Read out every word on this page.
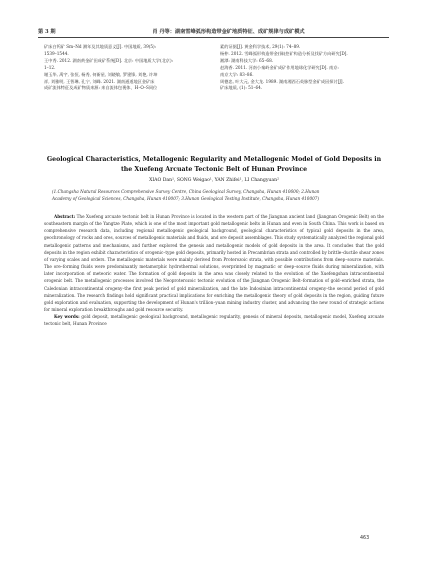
第 3 期	肖 丹等：湖南雪峰弧形构造带金矿地质特征、成矿规律与成矿模式

矿床白钨矿 Sm–Nd 测年及其地质意义[J]. 中国地质, 39(5):

1539–1544.

王中秀. 2012. 湖南黄金矿田成矿系统[D]. 北京: 中国地质大学(北京):

1–12.

谢玉华, 禹宇, 张恒, 杨秀, 何新星, 刘晓敏, 罗建锋, 刘艳, 许坤

祥, 刘雅明, 王智琳, 孔宁, 刘峰. 2021. 湖南通道地区金矿床

成矿流体特征及成矿物质来源: 来自流体包裹体、H–O–S同位

素的证据[J]. 黄金科学技术, 29(1): 74–89.

杨仲. 2012. 雪峰弧形构造带金(锑)控矿构造分析及找矿方向研究[D].

湘潭: 湖南科技大学: 65–68.

赵海香. 2011. 河南小秦岭金矿成矿作用地球化学研究[D]. 南京:

南京大学: 83–86.

周德忠, 叶大元, 金大龙. 1989. 湖南湘西石英脉型金矿成因探讨[J].

矿床地质, (1): 51–64.

Geological Characteristics, Metallogenic Regularity and Metallogenic Model of Gold Deposits in the Xuefeng Arcuate Tectonic Belt of Hunan Province
XIAO Dan¹, SONG Weigao¹, YAN Zhifei¹, LI Changyuan²

(1.Changsha Natural Resources Comprehensive Survey Centre, China Geological Survey, Changsha, Hunan 410600; 2.Hunan

Academy of Geological Sciences, Changsha, Hunan 410007; 3.Hunan Geological Testing Institute, Changsha, Hunan 410007)

Abstract: The Xuefeng arcuate tectonic belt in Hunan Province is located in the western part of the Jiangnan ancient land (Jiangnan Orogenic Belt) on the southeastern margin of the Yangtze Plate, which is one of the most important gold metallogenic belts in Hunan and even in South China. This work is based on comprehensive research data, including regional metallogenic geological background, geological characteristics of typical gold deposits in the area, geochronology of rocks and ores, sources of metallogenic materials and fluids, and ore deposit assemblages. This study systematically analyzed the regional gold metallogenic patterns and mechanisms, and further explored the genesis and metallogenic models of gold deposits in the area. It concludes that the gold deposits in the region exhibit characteristics of orogenic–type gold deposits, primarily hosted in Precambrian strata and controlled by brittle–ductile shear zones of varying scales and orders. The metallogenic materials were mainly derived from Proterozoic strata, with possible contributions from deep–source materials. The ore–forming fluids were predominantly metamorphic hydrothermal solutions, overprinted by magmatic or deep–source fluids during mineralization, with later incorporation of meteoric water. The formation of gold deposits in the area was closely related to the evolution of the Xuefengshan intracontinental orogenic belt. The metallogenic processes involved the Neoproterozoic tectonic evolution of the Jiangnan Orogenic Belt–formation of gold–enriched strata, the Caledonian intracontinental orogeny–the first peak period of gold mineralization, and the late Indosinian intracontinental orogeny–the second period of gold mineralization. The research findings hold significant practical implications for enriching the metallogenic theory of gold deposits in the region, guiding future gold exploration and evaluation, supporting the development of Hunan's trillion–yuan mining industry cluster, and advancing the new round of strategic actions for mineral exploration breakthroughs and gold resource security.

Key words: gold deposit, metallogenic geological background, metallogenic regularity, genesis of mineral deposits, metallogenic model, Xuefeng arcuate tectonic belt, Hunan Province

463
